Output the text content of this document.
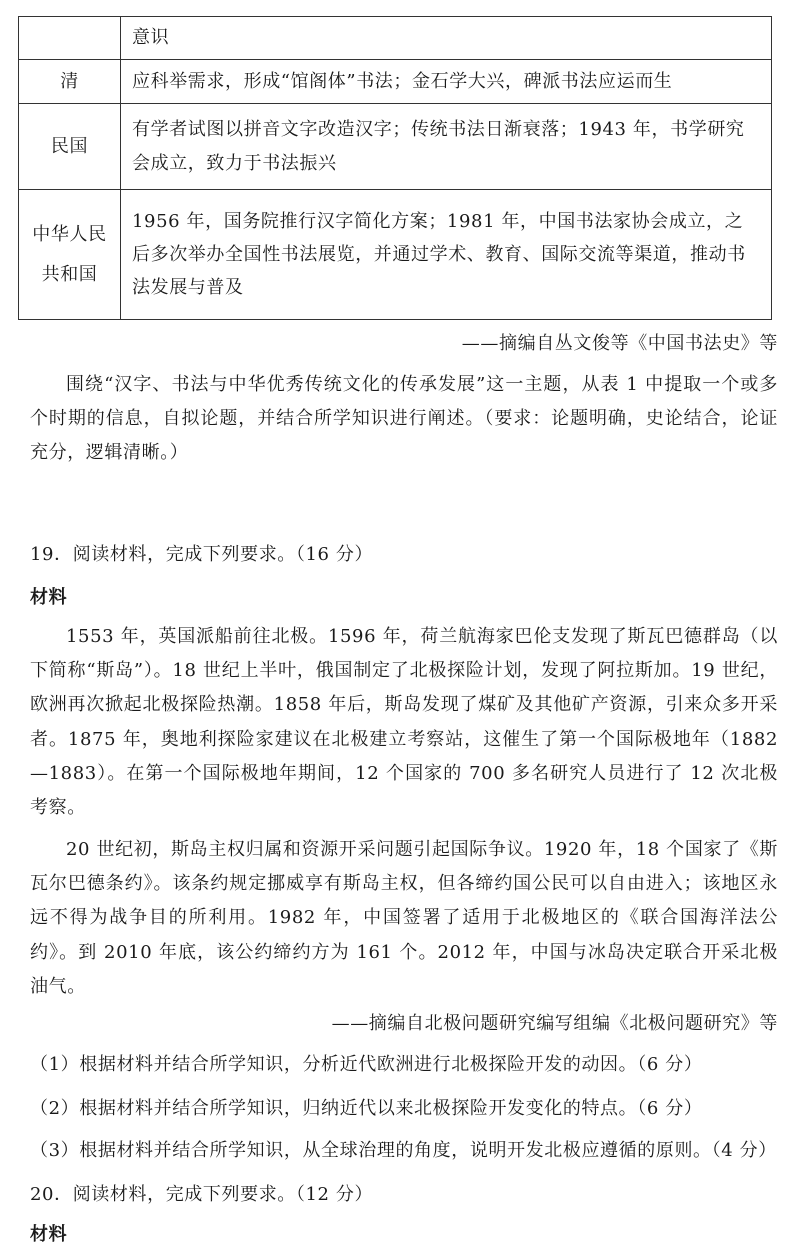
	意识

清	应科举需求，形成“馆阁体”书法；金石学大兴，碑派书法应运而生

民国	有学者试图以拼音文字改造汉字；传统书法日渐衰落；1943 年，书学研究会成立，致力于书法振兴

中华人民共和国	1956 年，国务院推行汉字简化方案；1981 年，中国书法家协会成立，之后多次举办全国性书法展览，并通过学术、教育、国际交流等渠道，推动书法发展与普及
——摘编自丛文俊等《中国书法史》等
围绕“汉字、书法与中华优秀传统文化的传承发展”这一主题，从表 1 中提取一个或多个时期的信息，自拟论题，并结合所学知识进行阐述。（要求：论题明确，史论结合，论证充分，逻辑清晰。）
19．阅读材料，完成下列要求。（16 分）
材料
1553 年，英国派船前往北极。1596 年，荷兰航海家巴伦支发现了斯瓦巴德群岛（以下简称“斯岛”）。18 世纪上半叶，俄国制定了北极探险计划，发现了阿拉斯加。19 世纪，欧洲再次掀起北极探险热潮。1858 年后，斯岛发现了煤矿及其他矿产资源，引来众多开采者。1875 年，奥地利探险家建议在北极建立考察站，这催生了第一个国际极地年（1882—1883）。在第一个国际极地年期间，12 个国家的 700 多名研究人员进行了 12 次北极考察。
20 世纪初，斯岛主权归属和资源开采问题引起国际争议。1920 年，18 个国家了《斯瓦尔巴德条约》。该条约规定挪威享有斯岛主权，但各缔约国公民可以自由进入；该地区永远不得为战争目的所利用。1982 年，中国签署了适用于北极地区的《联合国海洋法公约》。到 2010 年底，该公约缔约方为 161 个。2012 年，中国与冰岛决定联合开采北极油气。
——摘编自北极问题研究编写组编《北极问题研究》等
（1）根据材料并结合所学知识，分析近代欧洲进行北极探险开发的动因。（6 分）
（2）根据材料并结合所学知识，归纳近代以来北极探险开发变化的特点。（6 分）
（3）根据材料并结合所学知识，从全球治理的角度，说明开发北极应遵循的原则。（4 分）
20．阅读材料，完成下列要求。（12 分）
材料
